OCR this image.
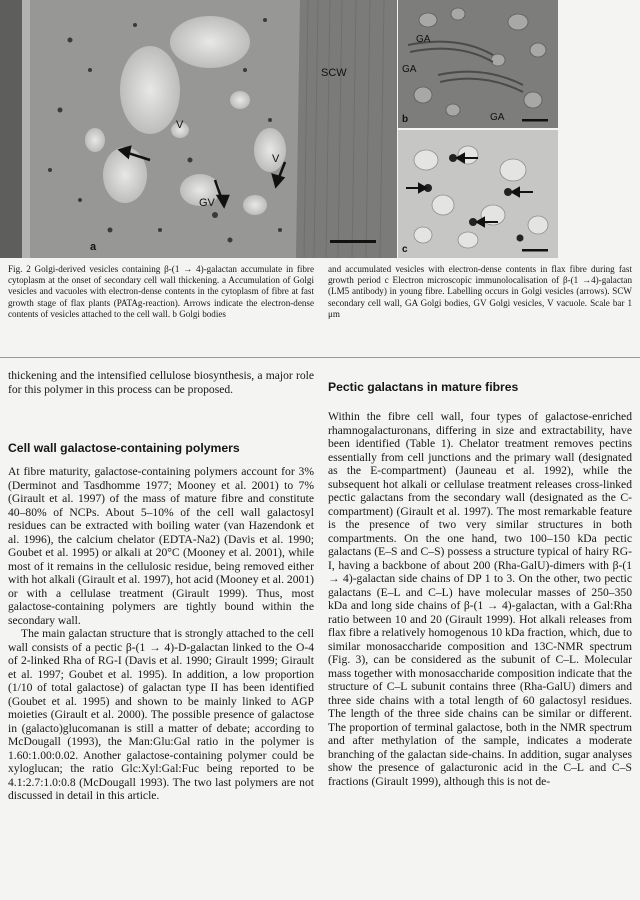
SCW
V
V
GV
a
GA
GA
GA
b
c
Fig. 2 Golgi-derived vesicles containing β-(1 → 4)-galactan accumulate in fibre cytoplasm at the onset of secondary cell wall thickening. a Accumulation of Golgi vesicles and vacuoles with electron-dense contents in the cytoplasm of fibre at fast growth stage of flax plants (PATAg-reaction). Arrows indicate the electron-dense contents of vesicles attached to the cell wall. b Golgi bodies
and accumulated vesicles with electron-dense contents in flax fibre during fast growth period c Electron microscopic immunolocalisation of β-(1 →4)-galactan (LM5 antibody) in young fibre. Labelling occurs in Golgi vesicles (arrows). SCW secondary cell wall, GA Golgi bodies, GV Golgi vesicles, V vacuole. Scale bar 1 μm

thickening and the intensified cellulose biosynthesis, a major role for this polymer in this process can be proposed.

Cell wall galactose-containing polymers

At fibre maturity, galactose-containing polymers account for 3% (Derminot and Tasdhomme 1977; Mooney et al. 2001) to 7% (Girault et al. 1997) of the mass of mature fibre and constitute 40–80% of NCPs. About 5–10% of the cell wall galactosyl residues can be extracted with boiling water (van Hazendonk et al. 1996), the calcium chelator (EDTA-Na2) (Davis et al. 1990; Goubet et al. 1995) or alkali at 20°C (Mooney et al. 2001), while most of it remains in the cellulosic residue, being removed either with hot alkali (Girault et al. 1997), hot acid (Mooney et al. 2001) or with a cellulase treatment (Girault 1999). Thus, most galactose-containing polymers are tightly bound within the secondary wall.

The main galactan structure that is strongly attached to the cell wall consists of a pectic β-(1 → 4)-D-galactan linked to the O-4 of 2-linked Rha of RG-I (Davis et al. 1990; Girault 1999; Girault et al. 1997; Goubet et al. 1995). In addition, a low proportion (1/10 of total galactose) of galactan type II has been identified (Goubet et al. 1995) and shown to be mainly linked to AGP moieties (Girault et al. 2000). The possible presence of galactose in (galacto)glucomanan is still a matter of debate; according to McDougall (1993), the Man:Glu:Gal ratio in the polymer is 1.60:1.00:0.02. Another galactose-containing polymer could be xyloglucan; the ratio Glc:Xyl:Gal:Fuc being reported to be 4.1:2.7:1.0:0.8 (McDougall 1993). The two last polymers are not discussed in detail in this article.

Pectic galactans in mature fibres

Within the fibre cell wall, four types of galactose-enriched rhamnogalacturonans, differing in size and extractability, have been identified (Table 1). Chelator treatment removes pectins essentially from cell junctions and the primary wall (designated as the E-compartment) (Jauneau et al. 1992), while the subsequent hot alkali or cellulase treatment releases cross-linked pectic galactans from the secondary wall (designated as the C-compartment) (Girault et al. 1997). The most remarkable feature is the presence of two very similar structures in both compartments. On the one hand, two 100–150 kDa pectic galactans (E–S and C–S) possess a structure typical of hairy RG-I, having a backbone of about 200 (Rha-GalU)-dimers with β-(1 → 4)-galactan side chains of DP 1 to 3. On the other, two pectic galactans (E–L and C–L) have molecular masses of 250–350 kDa and long side chains of β-(1 → 4)-galactan, with a Gal:Rha ratio between 10 and 20 (Girault 1999). Hot alkali releases from flax fibre a relatively homogenous 10 kDa fraction, which, due to similar monosaccharide composition and 13C-NMR spectrum (Fig. 3), can be considered as the subunit of C–L. Molecular mass together with monosaccharide composition indicate that the structure of C–L subunit contains three (Rha-GalU) dimers and three side chains with a total length of 60 galactosyl residues. The length of the three side chains can be similar or different. The proportion of terminal galactose, both in the NMR spectrum and after methylation of the sample, indicates a moderate branching of the galactan side-chains. In addition, sugar analyses show the presence of galacturonic acid in the C–L and C–S fractions (Girault 1999), although this is not de-
